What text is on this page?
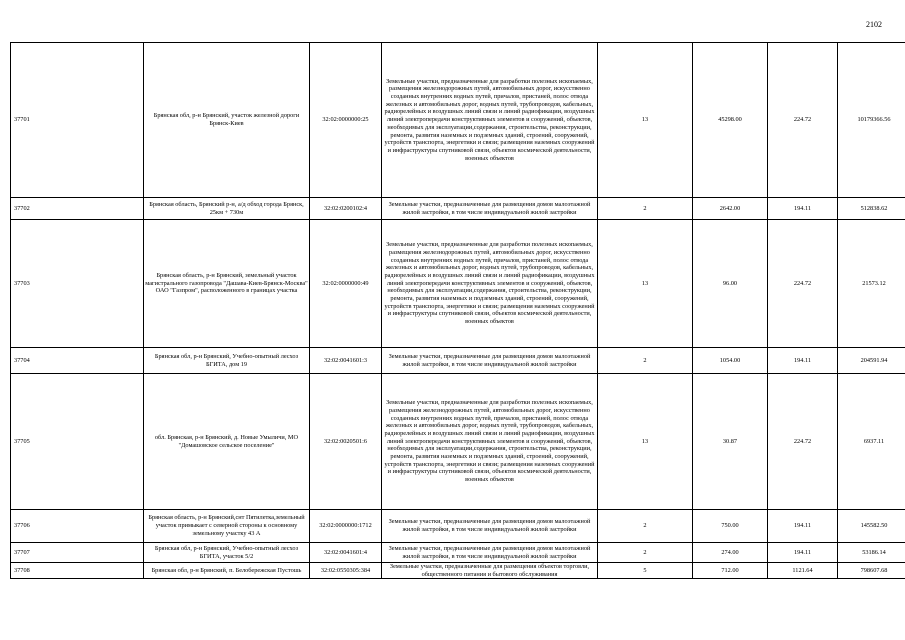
2102
37701	Брянская обл, р-н Брянский, участок железной дороги Брянск-Киев	32:02:0000000:25	Земельные участки, предназначенные для разработки полезных ископаемых, размещения железнодорожных путей, автомобильных дорог, искусственно созданных внутренних водных путей, причалов, пристаней, полос отвода железных и автомобильных дорог, водных путей, трубопроводов, кабельных, радиорелейных и воздушных линий связи и линий радиофикации, воздушных линий электропередачи конструктивных элементов и сооружений, объектов, необходимых для эксплуатации,содержания, строительства, реконструкции, ремонта, развития наземных и подземных зданий, строений, сооружений, устройств транспорта, энергетики и связи; размещения наземных сооружений и инфраструктуры спутниковой связи, объектов космической деятельности, военных объектов	13	45298.00	224.72	10179366.56
37702	Брянская область, Брянский р-н, а/д обход города Брянск, 25км + 730м	32:02:0200102:4	Земельные участки, предназначенные для размещения домов малоэтажной жилой застройки, в том числе индивидуальной жилой застройки	2	2642.00	194.11	512838.62
37703	Брянская область, р-н Брянский, земельный участок магистрального газопровода "Дашава-Киев-Брянск-Москва" ОАО "Газпром", расположенного в границах участка	32:02:0000000:49	Земельные участки, предназначенные для разработки полезных ископаемых, размещения железнодорожных путей, автомобильных дорог, искусственно созданных внутренних водных путей, причалов, пристаней, полос отвода железных и автомобильных дорог, водных путей, трубопроводов, кабельных, радиорелейных и воздушных линий связи и линий радиофикации, воздушных линий электропередачи конструктивных элементов и сооружений, объектов, необходимых для эксплуатации,содержания, строительства, реконструкции, ремонта, развития наземных и подземных зданий, строений, сооружений, устройств транспорта, энергетики и связи; размещения наземных сооружений и инфраструктуры спутниковой связи, объектов космической деятельности, военных объектов	13	96.00	224.72	21573.12
37704	Брянская обл, р-н Брянский, Учебно-опытный лесхоз БГИТА, дом 19	32:02:0041601:3	Земельные участки, предназначенные для размещения домов малоэтажной жилой застройки, в том числе индивидуальной жилой застройки	2	1054.00	194.11	204591.94
37705	обл. Брянская, р-н Брянский, д. Новые Умыличи, МО "Домашовское сельское поселение"	32:02:0020501:6	Земельные участки, предназначенные для разработки полезных ископаемых, размещения железнодорожных путей, автомобильных дорог, искусственно созданных внутренних водных путей, причалов, пристаней, полос отвода железных и автомобильных дорог, водных путей, трубопроводов, кабельных, радиорелейных и воздушных линий связи и линий радиофикации, воздушных линий электропередачи конструктивных элементов и сооружений, объектов, необходимых для эксплуатации,содержания, строительства, реконструкции, ремонта, развития наземных и подземных зданий, строений, сооружений, устройств транспорта, энергетики и связи; размещения наземных сооружений и инфраструктуры спутниковой связи, объектов космической деятельности, военных объектов	13	30.87	224.72	6937.11
37706	Брянская область, р-н Брянский,снт Пятилетка,земельный участок примыкает с северной стороны к основному земельному участку 43 А	32:02:0000000:1712	Земельные участки, предназначенные для размещения домов малоэтажной жилой застройки, в том числе индивидуальной жилой застройки	2	750.00	194.11	145582.50
37707	Брянская обл, р-н Брянский, Учебно-опытный лесхоз БГИТА, участок 5/2	32:02:0041601:4	Земельные участки, предназначенные для размещения домов малоэтажной жилой застройки, в том числе индивидуальной жилой застройки	2	274.00	194.11	53186.14
37708	Брянская обл, р-н Брянский, п. Белобережская Пустошь	32:02:0550305:384	Земельные участки, предназначенные для размещения объектов торговли, общественного питания и бытового обслуживания	5	712.00	1121.64	798607.68
